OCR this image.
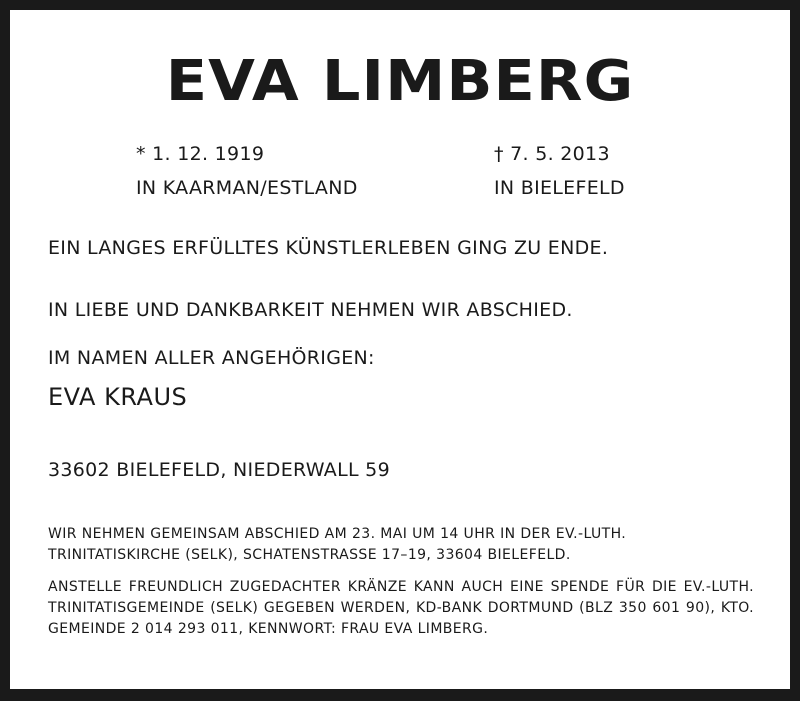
EVA LIMBERG
* 1. 12. 1919
IN KAARMAN/ESTLAND
† 7. 5. 2013
IN BIELEFELD
EIN LANGES ERFÜLLTES KÜNSTLERLEBEN GING ZU ENDE.
IN LIEBE UND DANKBARKEIT NEHMEN WIR ABSCHIED.
IM NAMEN ALLER ANGEHÖRIGEN:
EVA KRAUS
33602 BIELEFELD, NIEDERWALL 59
WIR NEHMEN GEMEINSAM ABSCHIED AM 23. MAI UM 14 UHR IN DER EV.-LUTH. TRINITATISKIRCHE (SELK), SCHATENSTRASSE 17–19, 33604 BIELEFELD.
ANSTELLE FREUNDLICH ZUGEDACHTER KRÄNZE KANN AUCH EINE SPENDE FÜR DIE EV.-LUTH. TRINITATISGEMEINDE (SELK) GEGEBEN WERDEN, KD-BANK DORTMUND (BLZ 350 601 90), KTO. GEMEINDE 2 014 293 011, KENNWORT: FRAU EVA LIMBERG.
